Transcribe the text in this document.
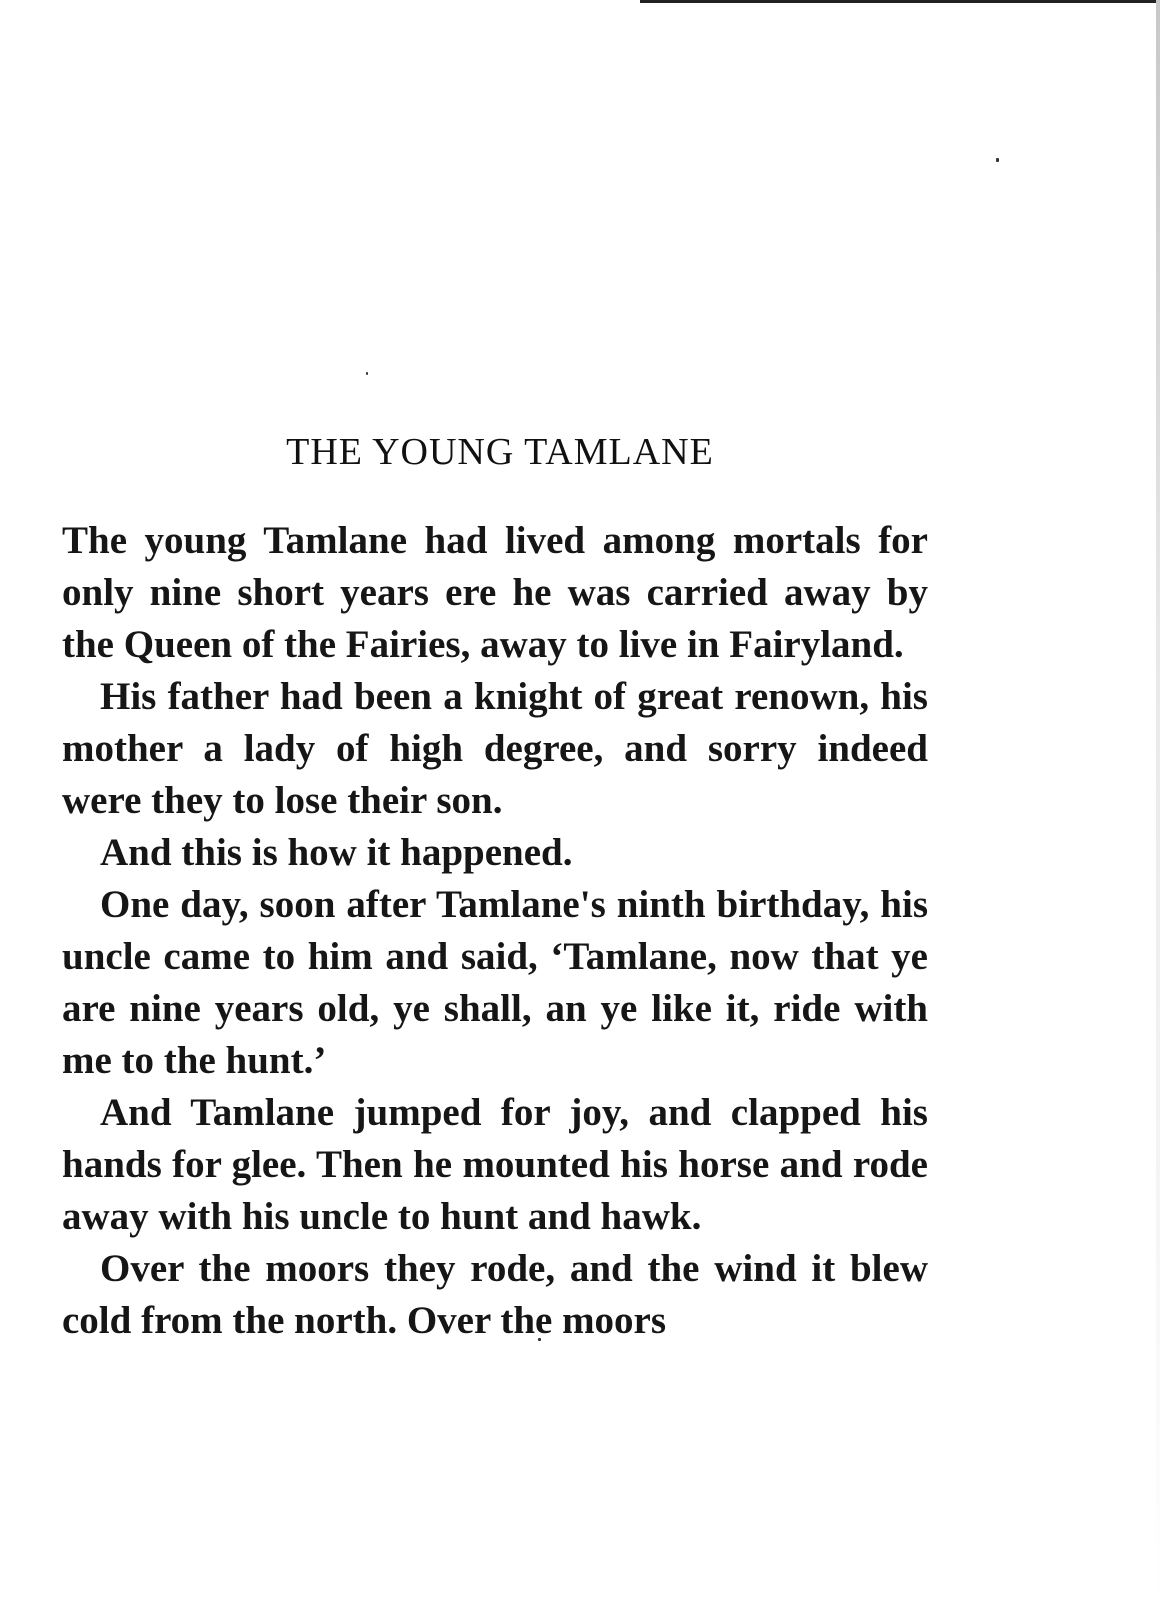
THE YOUNG TAMLANE

The young Tamlane had lived among mortals for only nine short years ere he was carried away by the Queen of the Fairies, away to live in Fairyland.

His father had been a knight of great renown, his mother a lady of high degree, and sorry indeed were they to lose their son.

And this is how it happened.

One day, soon after Tamlane's ninth birthday, his uncle came to him and said, ‘Tamlane, now that ye are nine years old, ye shall, an ye like it, ride with me to the hunt.’

And Tamlane jumped for joy, and clapped his hands for glee. Then he mounted his horse and rode away with his uncle to hunt and hawk.

Over the moors they rode, and the wind it blew cold from the north. Over the moors
